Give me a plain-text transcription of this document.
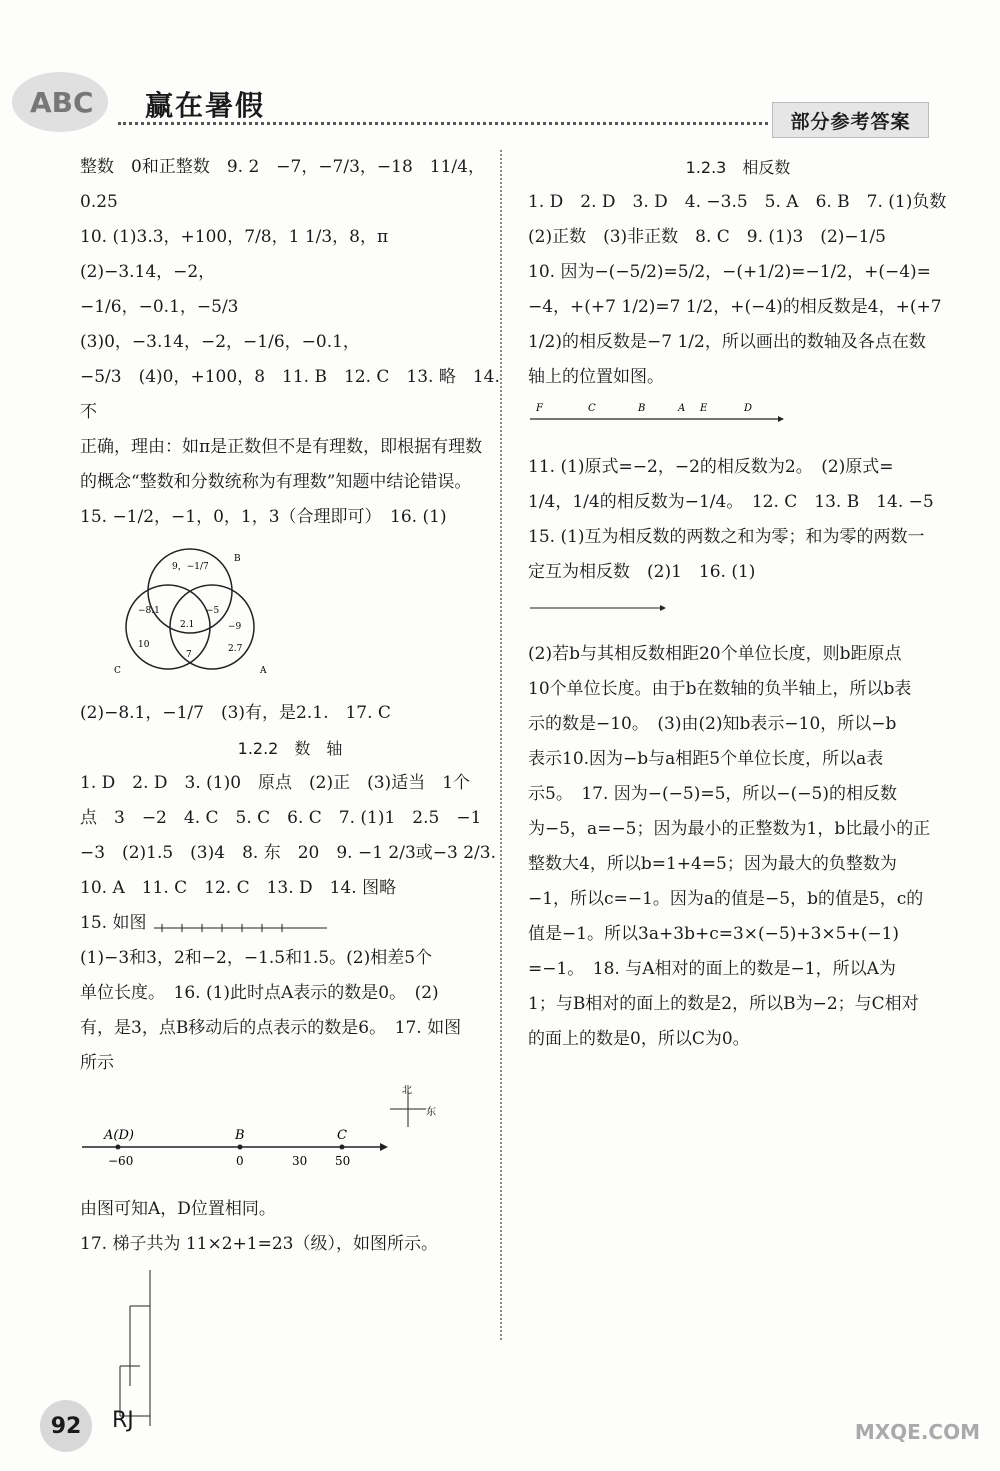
ABC 赢在暑假	部分参考答案

整数　0和正整数　9. 2　−7，−7/3，−18　11/4，0.25

10. (1)3.3，+100，7/8，1 1/3，8，π　(2)−3.14，−2，

−1/6，−0.1，−5/3　(3)0，−3.14，−2，−1/6，−0.1，

−5/3　(4)0，+100，8　11. B　12. C　13. 略　14. 不

正确，理由：如π是正数但不是有理数，即根据有理数

的概念“整数和分数统称为有理数”知题中结论错误。

15. −1/2，−1，0，1，3（合理即可）　16. (1)

B
C	A
9，−1/7
−8.1
2.1
−5
10
7
−9
2.7

(2)−8.1，−1/7　(3)有，是2.1.　17. C

1.2.2　数　轴

1. D　2. D　3. (1)0　原点　(2)正　(3)适当　1个

点　3　−2　4. C　5. C　6. C　7. (1)1　2.5　−1

−3　(2)1.5　(3)4　8. 东　20　9. −1 2/3或−3 2/3.

10. A　11. C　12. C　13. D　14. 图略

15. 如图

(1)−3和3，2和−2，−1.5和1.5。(2)相差5个

单位长度。　16. (1)此时点A表示的数是0。　(2)

有，是3，点B移动后的点表示的数是6。　17. 如图

所示

A(D)	B	C
−60	0	30 50
北
东

由图可知A，D位置相同。

17. 梯子共为 11×2+1=23（级），如图所示。

1.2.3　相反数

1. D　2. D　3. D　4. −3.5　5. A　6. B　7. (1)负数

(2)正数　(3)非正数　8. C　9. (1)3　(2)−1/5

10. 因为−(−5/2)=5/2，−(+1/2)=−1/2，+(−4)=

−4，+(+7 1/2)=7 1/2，+(−4)的相反数是4，+(+7

1/2)的相反数是−7 1/2，所以画出的数轴及各点在数

轴上的位置如图。

F	C	B	A E	D

11. (1)原式=−2，−2的相反数为2。　(2)原式=

1/4，1/4的相反数为−1/4。　12. C　13. B　14. −5

15. (1)互为相反数的两数之和为零；和为零的两数一

定互为相反数　(2)1　16. (1)

(2)若b与其相反数相距20个单位长度，则b距原点

10个单位长度。由于b在数轴的负半轴上，所以b表

示的数是−10。　(3)由(2)知b表示−10，所以−b

表示10.因为−b与a相距5个单位长度，所以a表

示5。　17. 因为−(−5)=5，所以−(−5)的相反数

为−5，a=−5；因为最小的正整数为1，b比最小的正

整数大4，所以b=1+4=5；因为最大的负整数为

−1，所以c=−1。因为a的值是−5，b的值是5，c的

值是−1。所以3a+3b+c=3×(−5)+3×5+(−1)

=−1。　18. 与A相对的面上的数是−1，所以A为

1；与B相对的面上的数是2，所以B为−2；与C相对

的面上的数是0，所以C为0。

92	RJ	MXQE.COM
